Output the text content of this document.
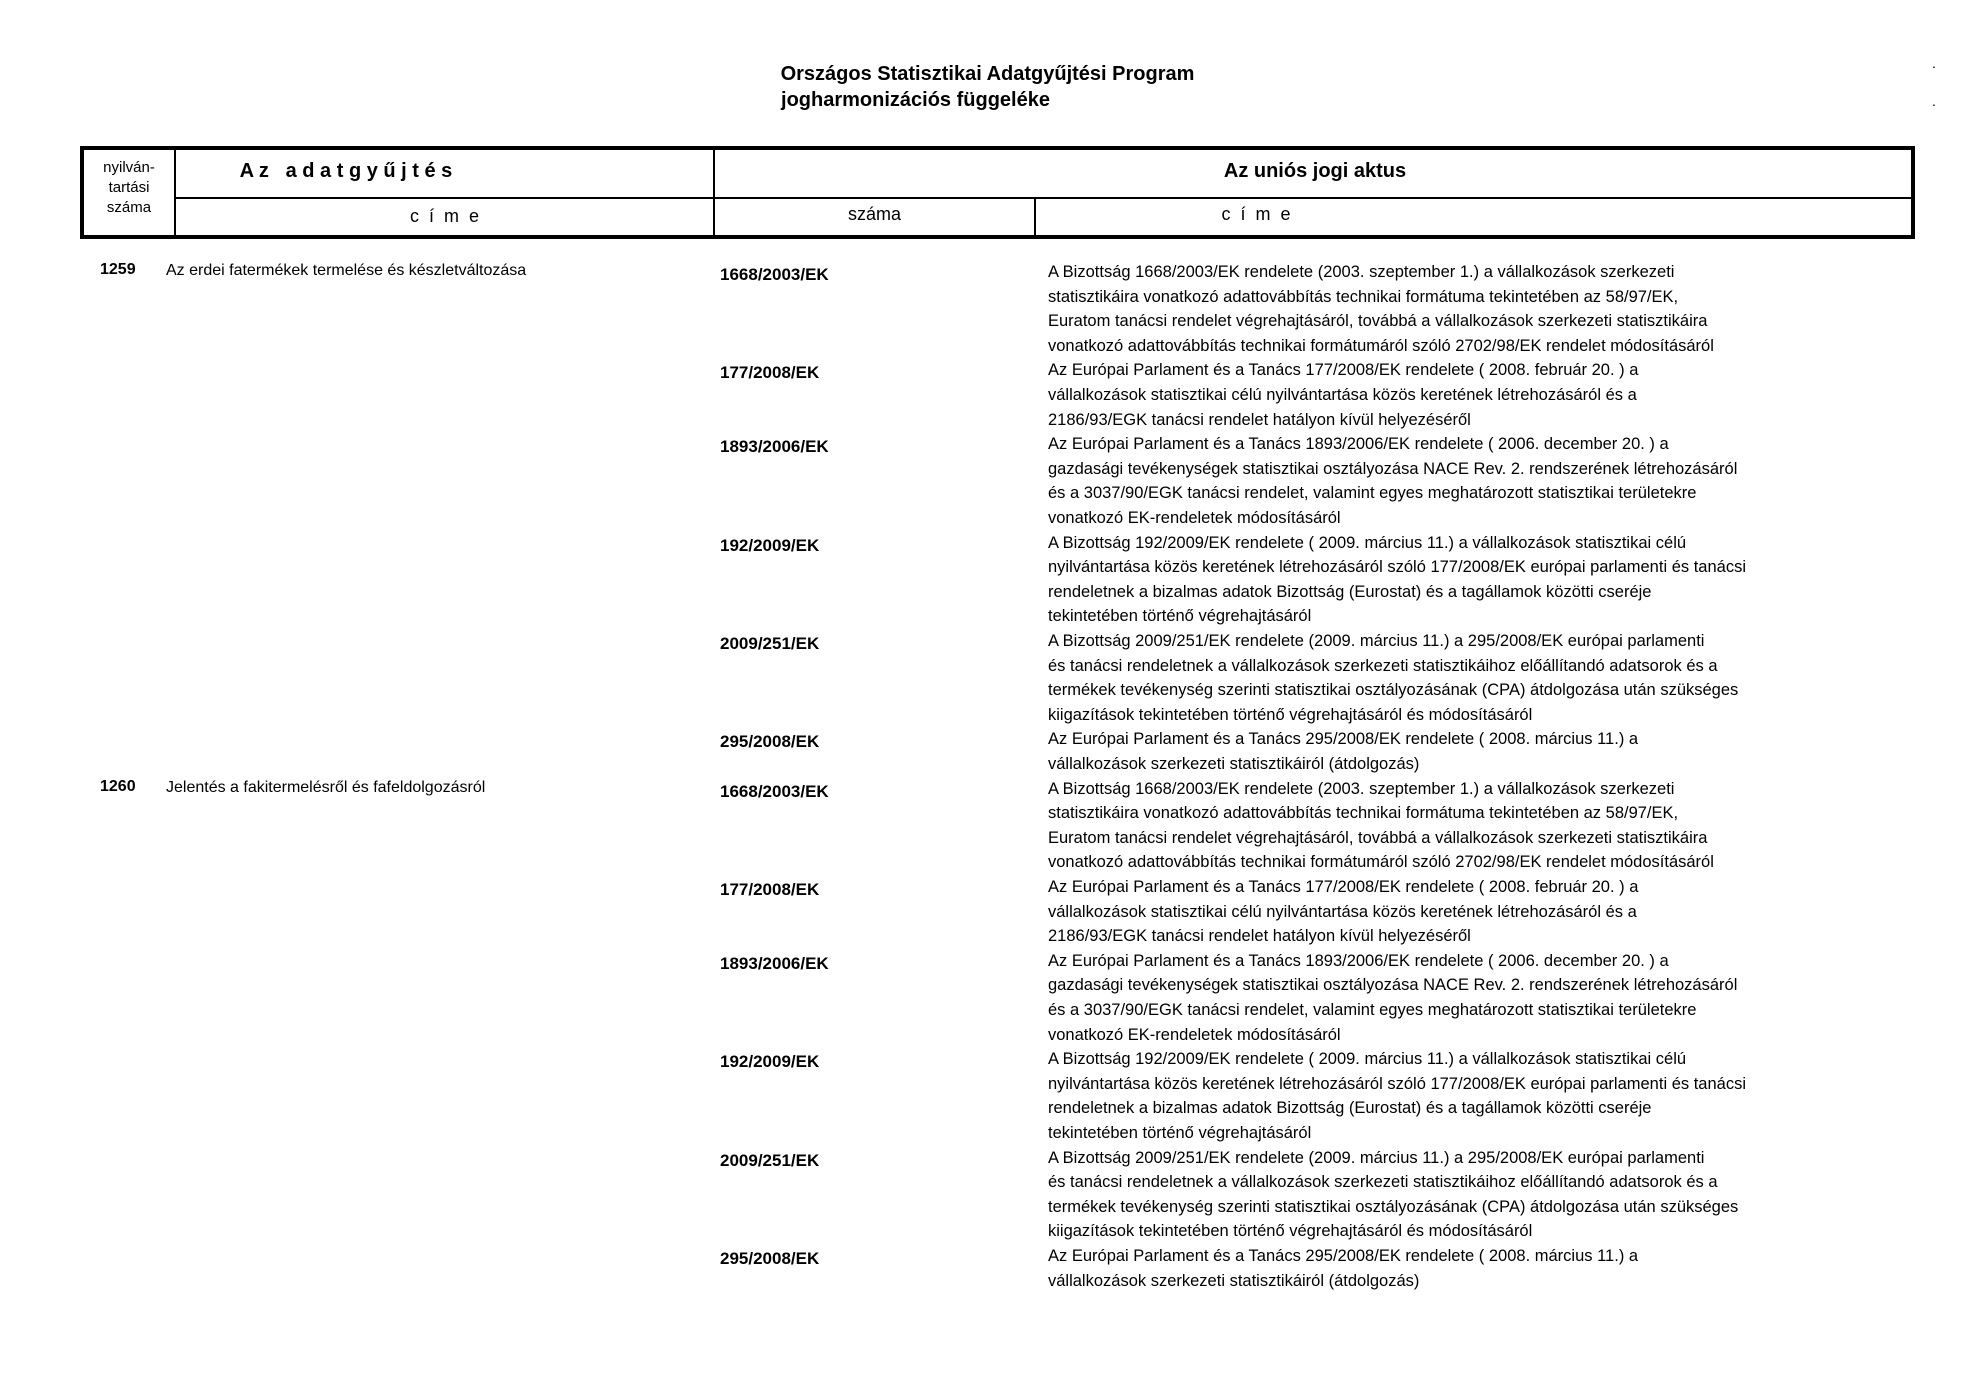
Országos Statisztikai Adatgyűjtési Program
jogharmonizációs függeléke
.
.
nyilván-
tartási
száma
A z   a d a t g y ű j t é s
c  í  m  e
Az uniós jogi aktus
száma	c  í  m  e
1259 Az erdei fatermékek termelése és készletváltozása	1668/2003/EK	A Bizottság 1668/2003/EK rendelete (2003. szeptember 1.) a vállalkozások szerkezeti
statisztikáira vonatkozó adattovábbítás technikai formátuma tekintetében az 58/97/EK,
Euratom tanácsi rendelet végrehajtásáról, továbbá a vállalkozások szerkezeti statisztikáira
vonatkozó adattovábbítás technikai formátumáról szóló 2702/98/EK rendelet módosításáról
177/2008/EK	Az Európai Parlament és a Tanács 177/2008/EK rendelete ( 2008. február 20. ) a
vállalkozások statisztikai célú nyilvántartása közös keretének létrehozásáról és a
2186/93/EGK tanácsi rendelet hatályon kívül helyezéséről
1893/2006/EK	Az Európai Parlament és a Tanács 1893/2006/EK rendelete ( 2006. december 20. ) a
gazdasági tevékenységek statisztikai osztályozása NACE Rev. 2. rendszerének létrehozásáról
és a 3037/90/EGK tanácsi rendelet, valamint egyes meghatározott statisztikai területekre
vonatkozó EK-rendeletek módosításáról
192/2009/EK	A Bizottság 192/2009/EK rendelete ( 2009. március 11.) a vállalkozások statisztikai célú
nyilvántartása közös keretének létrehozásáról szóló 177/2008/EK európai parlamenti és tanácsi
rendeletnek a bizalmas adatok Bizottság (Eurostat) és a tagállamok közötti cseréje
tekintetében történő végrehajtásáról
2009/251/EK	A Bizottság 2009/251/EK rendelete (2009. március 11.) a 295/2008/EK európai parlamenti
és tanácsi rendeletnek a vállalkozások szerkezeti statisztikáihoz előállítandó adatsorok és a
termékek tevékenység szerinti statisztikai osztályozásának (CPA) átdolgozása után szükséges
kiigazítások tekintetében történő végrehajtásáról és módosításáról
295/2008/EK	Az Európai Parlament és a Tanács 295/2008/EK rendelete ( 2008. március 11.) a
vállalkozások szerkezeti statisztikáiról (átdolgozás)
1260 Jelentés a fakitermelésről és fafeldolgozásról	1668/2003/EK	A Bizottság 1668/2003/EK rendelete (2003. szeptember 1.) a vállalkozások szerkezeti
statisztikáira vonatkozó adattovábbítás technikai formátuma tekintetében az 58/97/EK,
Euratom tanácsi rendelet végrehajtásáról, továbbá a vállalkozások szerkezeti statisztikáira
vonatkozó adattovábbítás technikai formátumáról szóló 2702/98/EK rendelet módosításáról
177/2008/EK	Az Európai Parlament és a Tanács 177/2008/EK rendelete ( 2008. február 20. ) a
vállalkozások statisztikai célú nyilvántartása közös keretének létrehozásáról és a
2186/93/EGK tanácsi rendelet hatályon kívül helyezéséről
1893/2006/EK	Az Európai Parlament és a Tanács 1893/2006/EK rendelete ( 2006. december 20. ) a
gazdasági tevékenységek statisztikai osztályozása NACE Rev. 2. rendszerének létrehozásáról
és a 3037/90/EGK tanácsi rendelet, valamint egyes meghatározott statisztikai területekre
vonatkozó EK-rendeletek módosításáról
192/2009/EK	A Bizottság 192/2009/EK rendelete ( 2009. március 11.) a vállalkozások statisztikai célú
nyilvántartása közös keretének létrehozásáról szóló 177/2008/EK európai parlamenti és tanácsi
rendeletnek a bizalmas adatok Bizottság (Eurostat) és a tagállamok közötti cseréje
tekintetében történő végrehajtásáról
2009/251/EK	A Bizottság 2009/251/EK rendelete (2009. március 11.) a 295/2008/EK európai parlamenti
és tanácsi rendeletnek a vállalkozások szerkezeti statisztikáihoz előállítandó adatsorok és a
termékek tevékenység szerinti statisztikai osztályozásának (CPA) átdolgozása után szükséges
kiigazítások tekintetében történő végrehajtásáról és módosításáról
295/2008/EK	Az Európai Parlament és a Tanács 295/2008/EK rendelete ( 2008. március 11.) a
vállalkozások szerkezeti statisztikáiról (átdolgozás)
